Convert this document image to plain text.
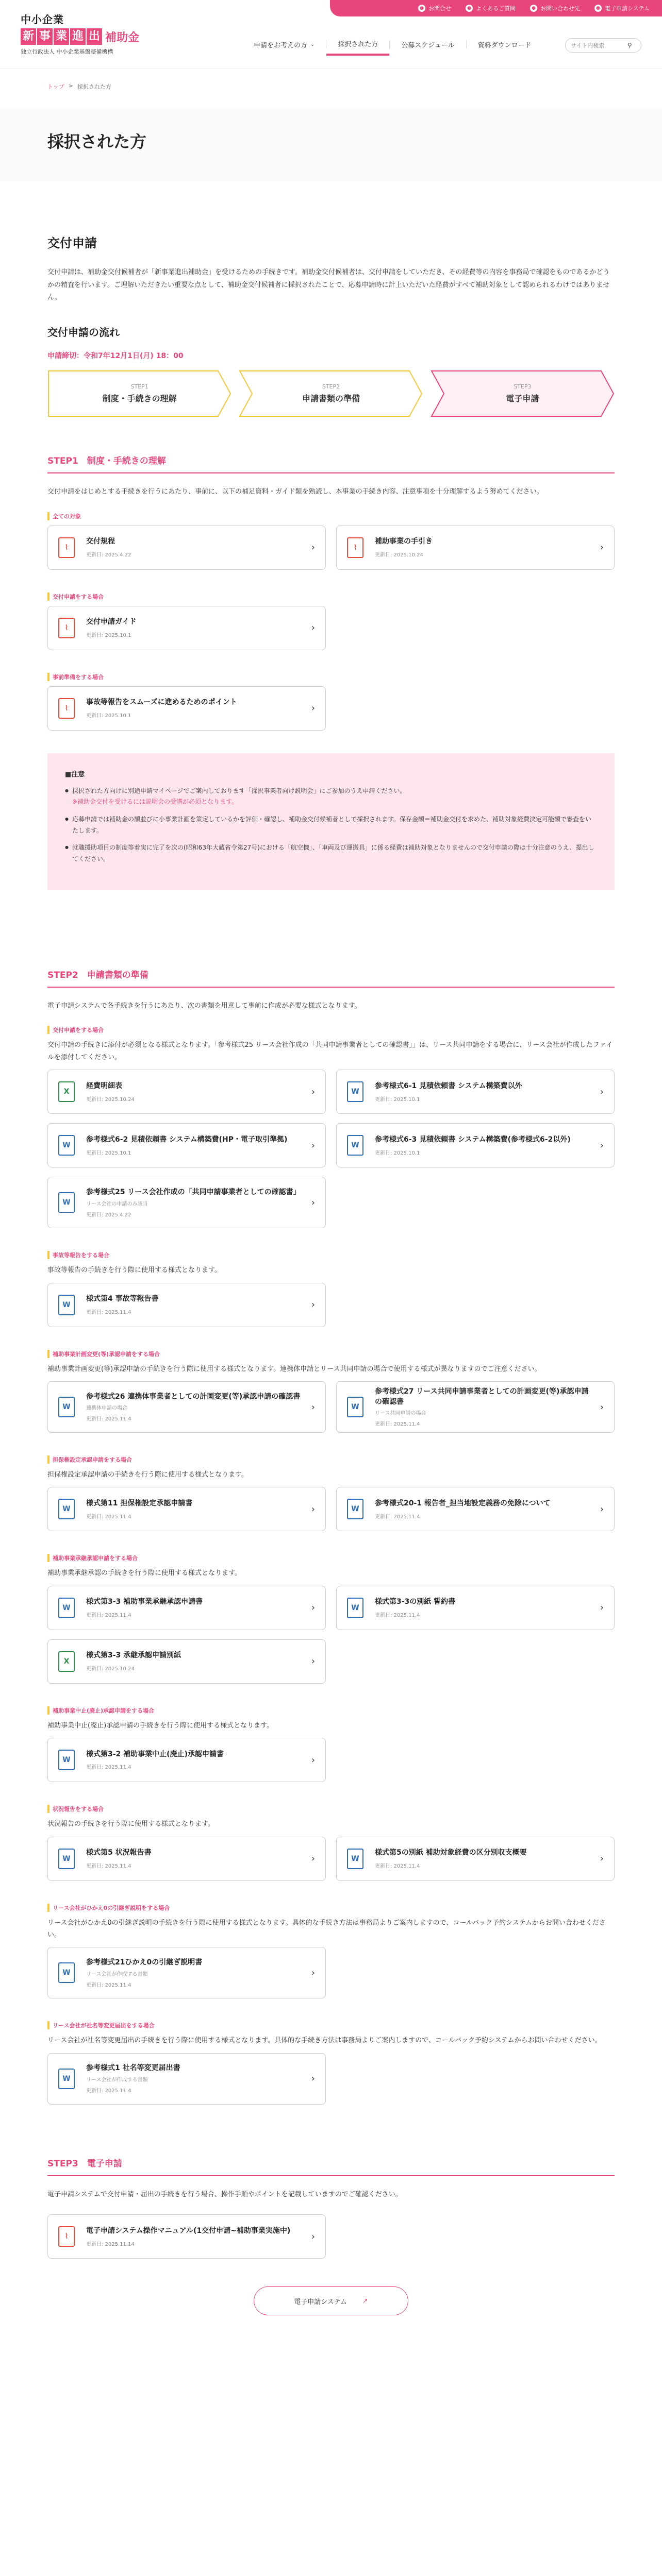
● お問合せ	● よくあるご質問	● お問い合わせ先	● 電子申請システム
中小企業
新 事 業 進 出 補助金
独立行政法人 中小企業基盤整備機構
申請をお考えの方 ⌄	採択された方	公募スケジュール	資料ダウンロード
サイト内検索	⚲
トップ > 採択された方
採択された方
交付申請

交付申請は、補助金交付候補者が「新事業進出補助金」を受けるための手続きです。補助金交付候補者は、交付申請をしていただき、その経費等の内容を事務局で確認をものであるかどうかの精査を行います。ご理解いただきたい重要な点として、補助金交付候補者に採択されたことで、応募申請時に計上いただいた経費がすべて補助対象として認められるわけではありません。

交付申請の流れ
申請締切：令和7年12月1日(月) 18：00
STEP1
制度・手続きの理解
STEP2
申請書類の準備
STEP3
電子申請
STEP1　 制度・手続きの理解

交付申請をはじめとする手続きを行うにあたり、事前に、以下の補足資料・ガイド類を熟読し、本事業の手続き内容、注意事項を十分理解するよう努めてください。

全ての対象
⌇
交付規程
更新日: 2025.4.22
›	⌇
補助事業の手引き
更新日: 2025.10.24
›
交付申請をする場合
⌇
交付申請ガイド
更新日: 2025.10.1
›
事前準備をする場合
⌇
事故等報告をスムーズに進めるためのポイント
更新日: 2025.10.1
›
■注意
● 採択された方向けに別途申請マイページでご案内しております「採択事業者向け説明会」にご参加のうえ申請ください。
※補助金交付を受けるには説明会の受講が必須となります。
● 応募申請では補助金の額並びに小事業計画を策定しているかを評価・確認し、補助金交付候補者として採択されます。保存金額＝補助金交付を求めた、補助対象経費決定可能額で審査をいたします。
● 就職援助項目の制度等着実に完了を次の(昭和63年大蔵省令第27号)における「航空機」、「車両及び運搬具」に係る経費は補助対象となりませんので交付申請の際は十分注意のうえ、提出してください。
STEP2　 申請書類の準備

電子申請システムで各手続きを行うにあたり、次の書類を用意して事前に作成が必要な様式となります。

交付申請をする場合

交付申請の手続きに添付が必須となる様式となります。「参考様式25 リース会社作成の「共同申請事業者としての確認書」」は、リース共同申請をする場合に、リース会社が作成したファイルを添付してください。

X
経費明細表
更新日: 2025.10.24
›	W
参考様式6-1 見積依頼書 システム構築費以外
更新日: 2025.10.1
›
W
参考様式6-2 見積依頼書 システム構築費(HP・電子取引準拠)
更新日: 2025.10.1
›	W
参考様式6-3 見積依頼書 システム構築費(参考様式6-2以外)
更新日: 2025.10.1
›
W
参考様式25 リース会社作成の「共同申請事業者としての確認書」
リース会社の申請のみ該当
更新日: 2025.4.22
›
事故等報告をする場合

事故等報告の手続きを行う際に使用する様式となります。

W
様式第4 事故等報告書
更新日: 2025.11.4
›
補助事業計画変更(等)承認申請をする場合

補助事業計画変更(等)承認申請の手続きを行う際に使用する様式となります。連携体申請とリース共同申請の場合で使用する様式が異なりますのでご注意ください。

W
参考様式26 連携体事業者としての計画変更(等)承認申請の確認書
連携体申請の場合
更新日: 2025.11.4
›	W
参考様式27 リース共同申請事業者としての計画変更(等)承認申請の確認書
リース共同申請の場合
更新日: 2025.11.4
›
担保権設定承認申請をする場合

担保権設定承認申請の手続きを行う際に使用する様式となります。

W
様式第11 担保権設定承認申請書
更新日: 2025.11.4
›	W
参考様式20-1 報告者_担当地設定義務の免除について
更新日: 2025.11.4
›
補助事業承継承認申請をする場合

補助事業承継承認の手続きを行う際に使用する様式となります。

W
様式第3-3 補助事業承継承認申請書
更新日: 2025.11.4
›	W
様式第3-3の別紙 誓約書
更新日: 2025.11.4
›
X
様式第3-3 承継承認申請別紙
更新日: 2025.10.24
›
補助事業中止(廃止)承認申請をする場合

補助事業中止(廃止)承認申請の手続きを行う際に使用する様式となります。

W
様式第3-2 補助事業中止(廃止)承認申請書
更新日: 2025.11.4
›
状況報告をする場合

状況報告の手続きを行う際に使用する様式となります。

W
様式第5 状況報告書
更新日: 2025.11.4
›	W
様式第5の別紙 補助対象経費の区分別収支概要
更新日: 2025.11.4
›
リース会社がひかえ0の引継ぎ説明をする場合

リース会社がひかえ0の引継ぎ説明の手続きを行う際に使用する様式となります。具体的な手続き方法は事務局よりご案内しますので、コールバック予約システムからお問い合わせください。

W
参考様式21ひかえ0の引継ぎ説明書
リース会社が作成する書類
更新日: 2025.11.4
›
リース会社が社名等変更届出をする場合

リース会社が社名等変更届出の手続きを行う際に使用する様式となります。具体的な手続き方法は事務局よりご案内しますので、コールバック予約システムからお問い合わせください。

W
参考様式1 社名等変更届出書
リース会社が作成する書類
更新日: 2025.11.4
›
STEP3　 電子申請

電子申請システムで交付申請・届出の手続きを行う場合、操作手順やポイントを記載していますのでご確認ください。

⌇
電子申請システム操作マニュアル(1交付申請~補助事業実施中)
更新日: 2025.11.14
›
電子申請システム ↗
